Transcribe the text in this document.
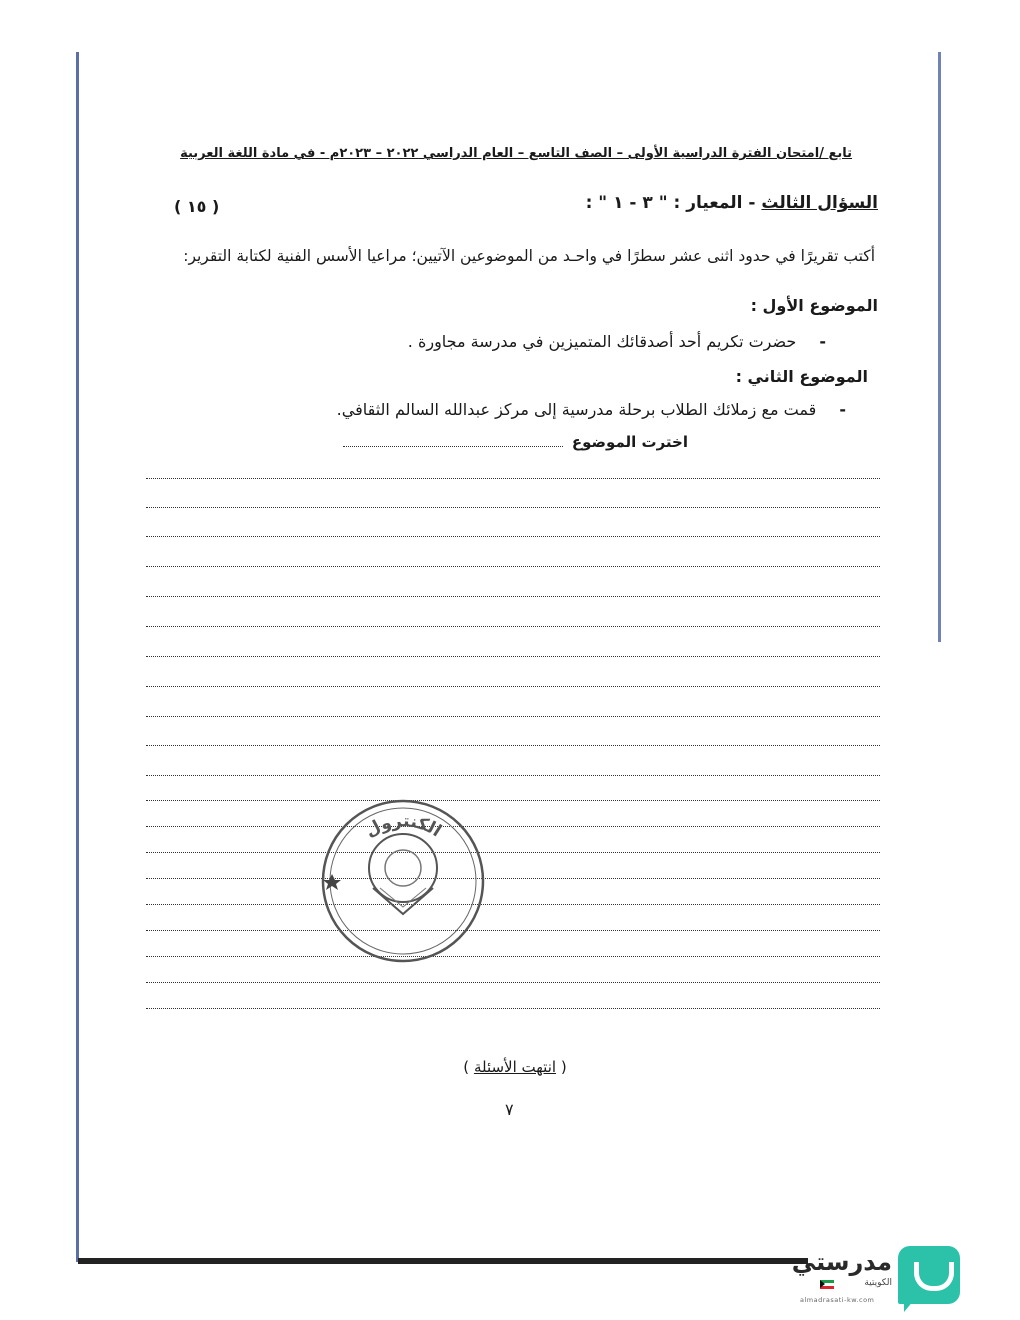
تابع /امتحان الفترة الدراسية الأولى – الصف التاسع – العام الدراسي ٢٠٢٢ – ٢٠٢٣م - في مادة اللغة العربية
السؤال الثالث - المعيار : " ٣ - ١ " :
( ١٥ )
أكتب تقريرًا في حدود اثنى عشر سطرًا في واحـد من الموضوعين الآتيين؛ مراعيا الأسس الفنية لكتابة التقرير:
الموضوع الأول :
- حضرت تكريم أحد أصدقائك المتميزين في مدرسة مجاورة .
الموضوع الثاني :
- قمت مع زملائك الطلاب برحلة مدرسية إلى مركز عبدالله السالم الثقافي.
اخترت الموضوع
الكنترول
( انتهت الأسئلة )
٧
مدرستي
الكويتية
almadrasati-kw.com
